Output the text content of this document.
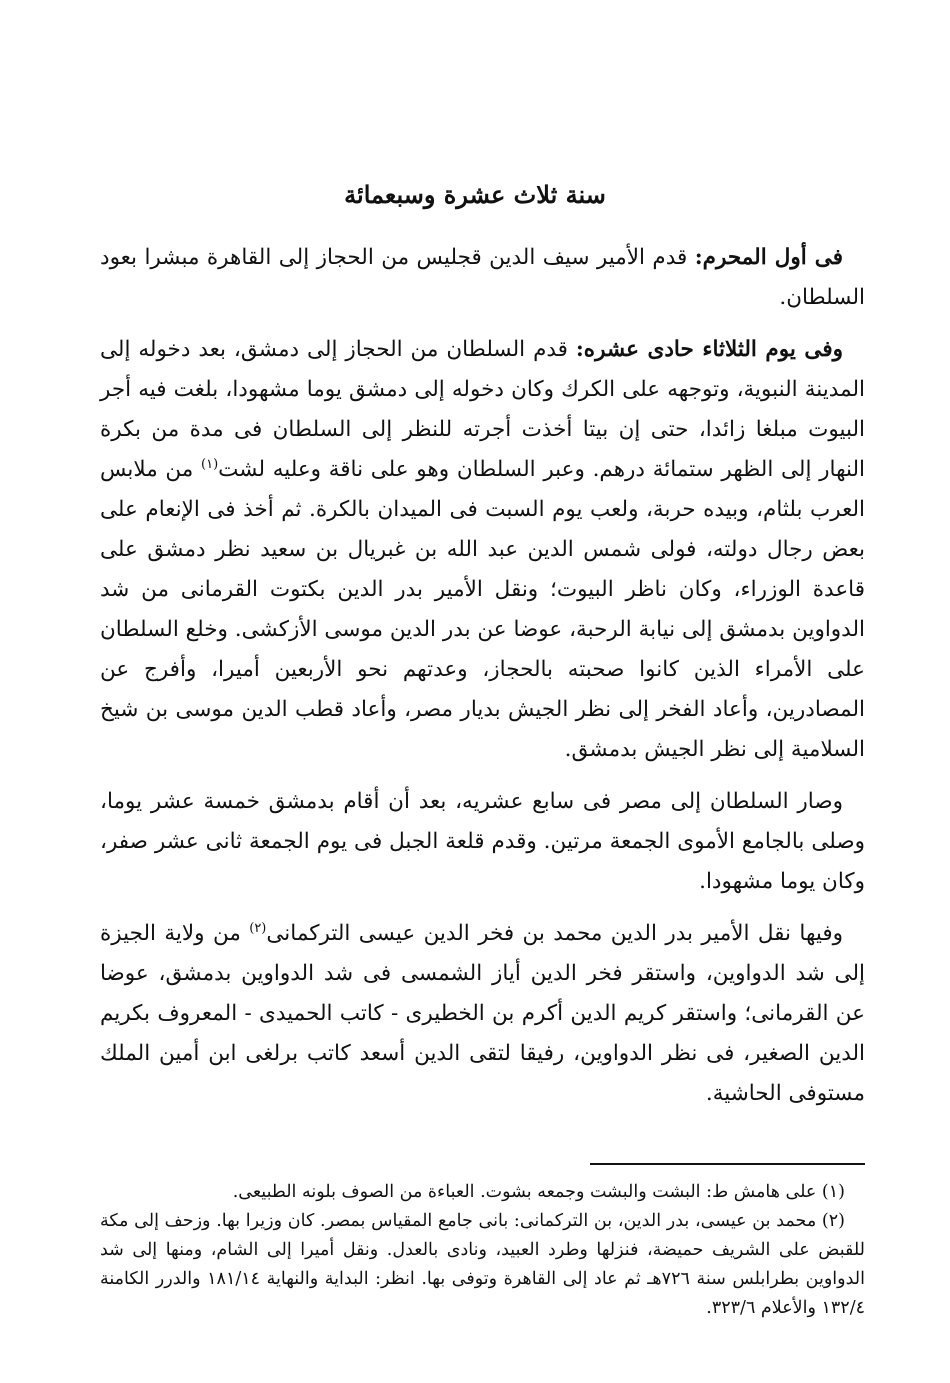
سنة ثلاث عشرة وسبعمائة

فى أول المحرم: قدم الأمير سيف الدين قجليس من الحجاز إلى القاهرة مبشرا بعود السلطان.

وفى يوم الثلاثاء حادى عشره: قدم السلطان من الحجاز إلى دمشق، بعد دخوله إلى المدينة النبوية، وتوجهه على الكرك وكان دخوله إلى دمشق يوما مشهودا، بلغت فيه أجر البيوت مبلغا زائدا، حتى إن بيتا أخذت أجرته للنظر إلى السلطان فى مدة من بكرة النهار إلى الظهر ستمائة درهم. وعبر السلطان وهو على ناقة وعليه لشت$^{(١)}$ من ملابس العرب بلثام، وبيده حربة، ولعب يوم السبت فى الميدان بالكرة. ثم أخذ فى الإنعام على بعض رجال دولته، فولى شمس الدين عبد الله بن غبريال بن سعيد نظر دمشق على قاعدة الوزراء، وكان ناظر البيوت؛ ونقل الأمير بدر الدين بكتوت القرمانى من شد الدواوين بدمشق إلى نيابة الرحبة، عوضا عن بدر الدين موسى الأزكشى. وخلع السلطان على الأمراء الذين كانوا صحبته بالحجاز، وعدتهم نحو الأربعين أميرا، وأفرج عن المصادرين، وأعاد الفخر إلى نظر الجيش بديار مصر، وأعاد قطب الدين موسى بن شيخ السلامية إلى نظر الجيش بدمشق.

وصار السلطان إلى مصر فى سابع عشريه، بعد أن أقام بدمشق خمسة عشر يوما، وصلى بالجامع الأموى الجمعة مرتين. وقدم قلعة الجبل فى يوم الجمعة ثانى عشر صفر، وكان يوما مشهودا.

وفيها نقل الأمير بدر الدين محمد بن فخر الدين عيسى التركمانى$^{(٢)}$ من ولاية الجيزة إلى شد الدواوين، واستقر فخر الدين أياز الشمسى فى شد الدواوين بدمشق، عوضا عن القرمانى؛ واستقر كريم الدين أكرم بن الخطيرى - كاتب الحميدى - المعروف بكريم الدين الصغير، فى نظر الدواوين، رفيقا لتقى الدين أسعد كاتب برلغى ابن أمين الملك مستوفى الحاشية.

(١) على هامش ط: البشت والبشت وجمعه بشوت. العباءة من الصوف بلونه الطبيعى.

(٢) محمد بن عيسى، بدر الدين، بن التركمانى: بانى جامع المقياس بمصر. كان وزيرا بها. وزحف إلى مكة للقبض على الشريف حميضة، فنزلها وطرد العبيد، ونادى بالعدل. ونقل أميرا إلى الشام، ومنها إلى شد الدواوين بطرابلس سنة ٧٢٦هـ ثم عاد إلى القاهرة وتوفى بها. انظر: البداية والنهاية ١٨١/١٤ والدرر الكامنة ١٣٢/٤ والأعلام ٣٢٣/٦.
